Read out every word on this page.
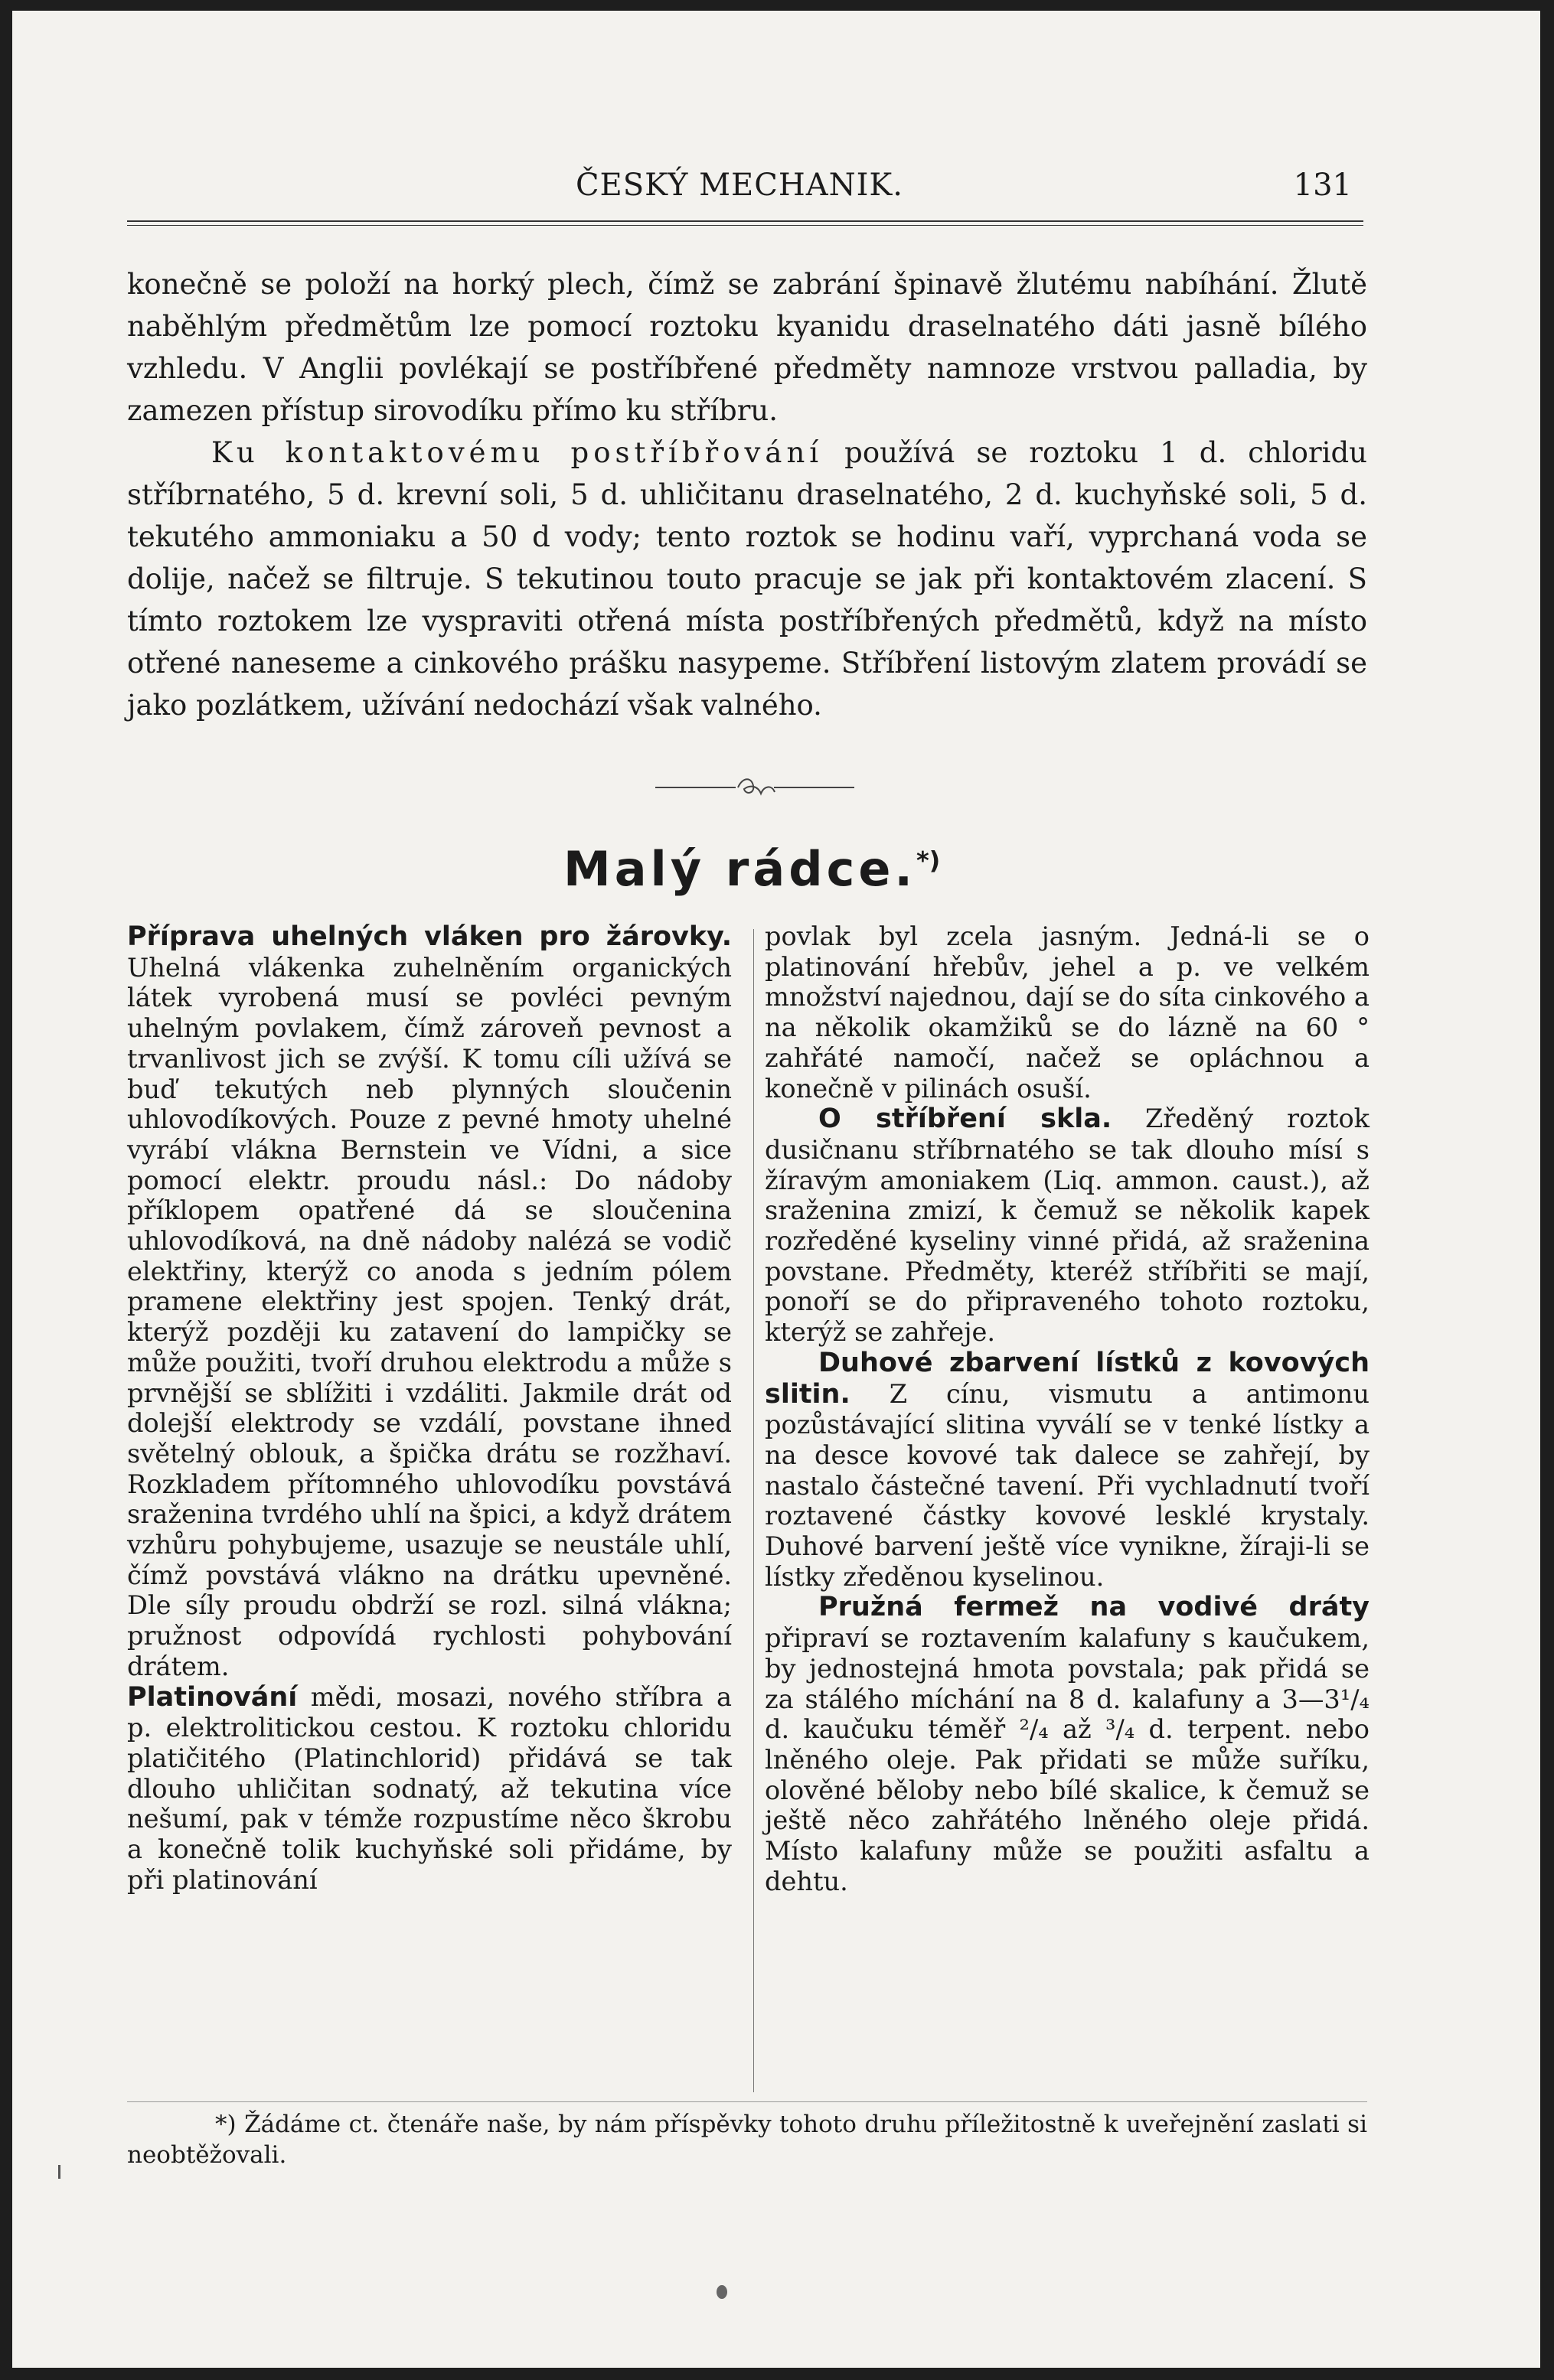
ČESKÝ MECHANIK.	131

konečně se položí na horký plech, čímž se zabrání špinavě žlutému nabíhání. Žlutě naběhlým předmětům lze pomocí roztoku kyanidu draselnatého dáti jasně bílého vzhledu. V Anglii povlékají se postříbřené předměty namnoze vrstvou palladia, by zamezen přístup sirovodíku přímo ku stříbru.

Ku kontaktovému postříbřování používá se roztoku 1 d. chloridu stříbrnatého, 5 d. krevní soli, 5 d. uhličitanu draselnatého, 2 d. kuchyňské soli, 5 d. tekutého ammoniaku a 50 d vody; tento roztok se hodinu vaří, vyprchaná voda se dolije, načež se filtruje. S tekutinou touto pracuje se jak při kontaktovém zlacení. S tímto roztokem lze vyspraviti otřená místa postříbřených předmětů, když na místo otřené naneseme a cinkového prášku nasypeme. Stříbření listovým zlatem provádí se jako pozlátkem, užívání nedochází však valného.

Malý rádce.*)

Příprava uhelných vláken pro žárovky. Uhelná vlákenka zuhelněním organických látek vyrobená musí se povléci pevným uhelným povlakem, čímž zároveň pevnost a trvanlivost jich se zvýší. K tomu cíli užívá se buď tekutých neb plynných sloučenin uhlovodíkových. Pouze z pevné hmoty uhelné vyrábí vlákna Bernstein ve Vídni, a sice pomocí elektr. proudu násl.: Do nádoby příklopem opatřené dá se sloučenina uhlovodíková, na dně nádoby nalézá se vodič elektřiny, kterýž co anoda s jedním pólem pramene elektřiny jest spojen. Tenký drát, kterýž později ku zatavení do lampičky se může použiti, tvoří druhou elektrodu a může s prvnější se sblížiti i vzdáliti. Jakmile drát od dolejší elektrody se vzdálí, povstane ihned světelný oblouk, a špička drátu se rozžhaví. Rozkladem přítomného uhlovodíku povstává sraženina tvrdého uhlí na špici, a když drátem vzhůru pohybujeme, usazuje se neustále uhlí, čímž povstává vlákno na drátku upevněné. Dle síly proudu obdrží se rozl. silná vlákna; pružnost odpovídá rychlosti pohybování drátem.

Platinování mědi, mosazi, nového stříbra a p. elektrolitickou cestou. K roztoku chloridu platičitého (Platinchlorid) přidává se tak dlouho uhličitan sodnatý, až tekutina více nešumí, pak v témže rozpustíme něco škrobu a konečně tolik kuchyňské soli přidáme, by při platinování

povlak byl zcela jasným. Jedná-li se o platinování hřebův, jehel a p. ve velkém množství najednou, dají se do síta cinkového a na několik okamžiků se do lázně na 60 ° zahřáté namočí, načež se opláchnou a konečně v pilinách osuší.

O stříbření skla. Zředěný roztok dusičnanu stříbrnatého se tak dlouho mísí s žíravým amoniakem (Liq. ammon. caust.), až sraženina zmizí, k čemuž se několik kapek rozředěné kyseliny vinné přidá, až sraženina povstane. Předměty, kteréž stříbřiti se mají, ponoří se do připraveného tohoto roztoku, kterýž se zahřeje.

Duhové zbarvení lístků z kovových slitin. Z cínu, vismutu a antimonu pozůstávající slitina vyválí se v tenké lístky a na desce kovové tak dalece se zahřejí, by nastalo částečné tavení. Při vychladnutí tvoří roztavené částky kovové lesklé krystaly. Duhové barvení ještě více vynikne, žíraji-li se lístky zředěnou kyselinou.

Pružná fermež na vodivé dráty připraví se roztavením kalafuny s kaučukem, by jednostejná hmota povstala; pak přidá se za stálého míchání na 8 d. kalafuny a 3—3¹/₄ d. kaučuku téměř ²/₄ až ³/₄ d. terpent. nebo lněného oleje. Pak přidati se může suříku, olověné běloby nebo bílé skalice, k čemuž se ještě něco zahřátého lněného oleje přidá. Místo kalafuny může se použiti asfaltu a dehtu.

*) Žádáme ct. čtenáře naše, by nám příspěvky tohoto druhu příležitostně k uveřejnění zaslati si neobtěžovali.
